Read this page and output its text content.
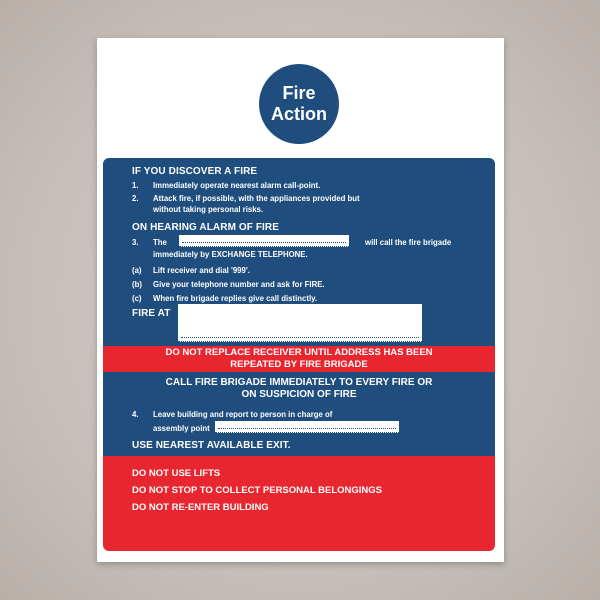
Fire
Action
IF YOU DISCOVER A FIRE
1. Immediately operate nearest alarm call-point.
2. Attack fire, if possible, with the appliances provided but
without taking personal risks.
ON HEARING ALARM OF FIRE
3. The	will call the fire brigade
immediately by EXCHANGE TELEPHONE.
(a) Lift receiver and dial '999'.
(b) Give your telephone number and ask for FIRE.
(c) When fire brigade replies give call distinctly.
FIRE AT
DO NOT REPLACE RECEIVER UNTIL ADDRESS HAS BEEN
REPEATED BY FIRE BRIGADE
CALL FIRE BRIGADE IMMEDIATELY TO EVERY FIRE OR
ON SUSPICION OF FIRE
4. Leave building and report to person in charge of
assembly point
USE NEAREST AVAILABLE EXIT.
DO NOT USE LIFTS
DO NOT STOP TO COLLECT PERSONAL BELONGINGS
DO NOT RE-ENTER BUILDING
